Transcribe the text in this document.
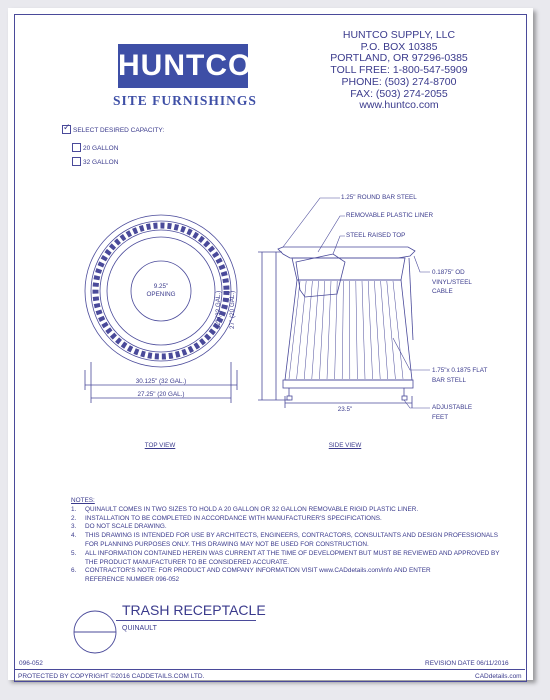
HUNTCO
SITE FURNISHINGS
HUNTCO SUPPLY, LLC
P.O. BOX 10385
PORTLAND, OR 97296-0385
TOLL FREE: 1-800-547-5909
PHONE: (503) 274-8700
FAX: (503) 274-2055
www.huntco.com
✓ SELECT DESIRED CAPACITY:
20 GALLON
32 GALLON
9.25"
OPENING
30.125" (32 GAL.)
27.25" (20 GAL.)
TOP VIEW
32" (32 GAL.) 27" (20 GAL.)
23.5"
SIDE VIEW
1.25" ROUND BAR STEEL
REMOVABLE PLASTIC LINER
STEEL RAISED TOP
0.1875" OD
VINYL/STEEL
CABLE
1.75"x 0.1875 FLAT
BAR STELL
ADJUSTABLE
FEET
NOTES:
1.	QUINAULT COMES IN TWO SIZES TO HOLD A 20 GALLON OR 32 GALLON REMOVABLE RIGID PLASTIC LINER.
2.	INSTALLATION TO BE COMPLETED IN ACCORDANCE WITH MANUFACTURER'S SPECIFICATIONS.
3.	DO NOT SCALE DRAWING.
4.	THIS DRAWING IS INTENDED FOR USE BY ARCHITECTS, ENGINEERS, CONTRACTORS, CONSULTANTS AND DESIGN PROFESSIONALS
FOR PLANNING PURPOSES ONLY. THIS DRAWING MAY NOT BE USED FOR CONSTRUCTION.
5.	ALL INFORMATION CONTAINED HEREIN WAS CURRENT AT THE TIME OF DEVELOPMENT BUT MUST BE REVIEWED AND APPROVED BY
THE PRODUCT MANUFACTURER TO BE CONSIDERED ACCURATE.
6.	CONTRACTOR'S NOTE: FOR PRODUCT AND COMPANY INFORMATION VISIT www.CADdetails.com/info AND ENTER
REFERENCE NUMBER 096-052
TRASH RECEPTACLE
QUINAULT
096-052	REVISION DATE 06/11/2016
PROTECTED BY COPYRIGHT ©2016 CADDETAILS.COM LTD.	CADdetails.com
